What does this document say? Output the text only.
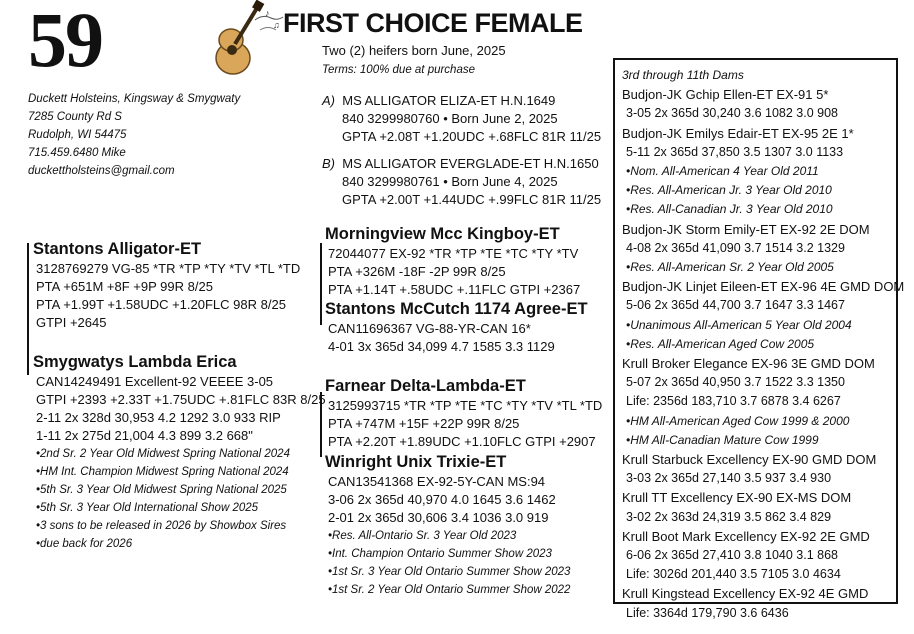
59	♪
♫ FIRST CHOICE FEMALE
Two (2) heifers born June, 2025
Terms: 100% due at purchase
Duckett Holsteins, Kingsway & Smygwaty
7285 County Rd S
Rudolph, WI 54475
715.459.6480 Mike
duckettholsteins@gmail.com
A) MS ALLIGATOR ELIZA-ET H.N.1649
840 3299980760 • Born June 2, 2025
GPTA +2.08T +1.20UDC +.68FLC 81R 11/25
B) MS ALLIGATOR EVERGLADE-ET H.N.1650
840 3299980761 • Born June 4, 2025
GPTA +2.00T +1.44UDC +.99FLC 81R 11/25
Stantons Alligator-ET
3128769279 VG-85 *TR *TP *TY *TV *TL *TD
PTA +651M +8F +9P 99R 8/25
PTA +1.99T +1.58UDC +1.20FLC 98R 8/25
GTPI +2645
Smygwatys Lambda Erica
CAN14249491 Excellent-92 VEEEE 3-05
GTPI +2393 +2.33T +1.75UDC +.81FLC 83R 8/25
2-11 2x 328d 30,953 4.2 1292 3.0 933 RIP
1-11 2x 275d 21,004 4.3 899 3.2 668"
•2nd Sr. 2 Year Old Midwest Spring National 2024
•HM Int. Champion Midwest Spring National 2024
•5th Sr. 3 Year Old Midwest Spring National 2025
•5th Sr. 3 Year Old International Show 2025
•3 sons to be released in 2026 by Showbox Sires
•due back for 2026
Morningview Mcc Kingboy-ET
72044077 EX-92 *TR *TP *TE *TC *TY *TV
PTA +326M -18F -2P 99R 8/25
PTA +1.14T +.58UDC +.11FLC GTPI +2367
Stantons McCutch 1174 Agree-ET
CAN11696367 VG-88-YR-CAN 16*
4-01 3x 365d 34,099 4.7 1585 3.3 1129
Farnear Delta-Lambda-ET
3125993715 *TR *TP *TE *TC *TY *TV *TL *TD
PTA +747M +15F +22P 99R 8/25
PTA +2.20T +1.89UDC +1.10FLC GTPI +2907
Winright Unix Trixie-ET
CAN13541368 EX-92-5Y-CAN MS:94
3-06 2x 365d 40,970 4.0 1645 3.6 1462
2-01 2x 365d 30,606 3.4 1036 3.0 919
•Res. All-Ontario Sr. 3 Year Old 2023
•Int. Champion Ontario Summer Show 2023
•1st Sr. 3 Year Old Ontario Summer Show 2023
•1st Sr. 2 Year Old Ontario Summer Show 2022
3rd through 11th Dams
Budjon-JK Gchip Ellen-ET EX-91 5*
3-05 2x 365d 30,240 3.6 1082 3.0 908
Budjon-JK Emilys Edair-ET EX-95 2E 1*
5-11 2x 365d 37,850 3.5 1307 3.0 1133
•Nom. All-American 4 Year Old 2011
•Res. All-American Jr. 3 Year Old 2010
•Res. All-Canadian Jr. 3 Year Old 2010
Budjon-JK Storm Emily-ET EX-92 2E DOM
4-08 2x 365d 41,090 3.7 1514 3.2 1329
•Res. All-American Sr. 2 Year Old 2005
Budjon-JK Linjet Eileen-ET EX-96 4E GMD DOM
5-06 2x 365d 44,700 3.7 1647 3.3 1467
•Unanimous All-American 5 Year Old 2004
•Res. All-American Aged Cow 2005
Krull Broker Elegance EX-96 3E GMD DOM
5-07 2x 365d 40,950 3.7 1522 3.3 1350
Life: 2356d 183,710 3.7 6878 3.4 6267
•HM All-American Aged Cow 1999 & 2000
•HM All-Canadian Mature Cow 1999
Krull Starbuck Excellency EX-90 GMD DOM
3-03 2x 365d 27,140 3.5 937 3.4 930
Krull TT Excellency EX-90 EX-MS DOM
3-02 2x 363d 24,319 3.5 862 3.4 829
Krull Boot Mark Excellency EX-92 2E GMD
6-06 2x 365d 27,410 3.8 1040 3.1 868
Life: 3026d 201,440 3.5 7105 3.0 4634
Krull Kingstead Excellency EX-92 4E GMD
Life: 3364d 179,790 3.6 6436
